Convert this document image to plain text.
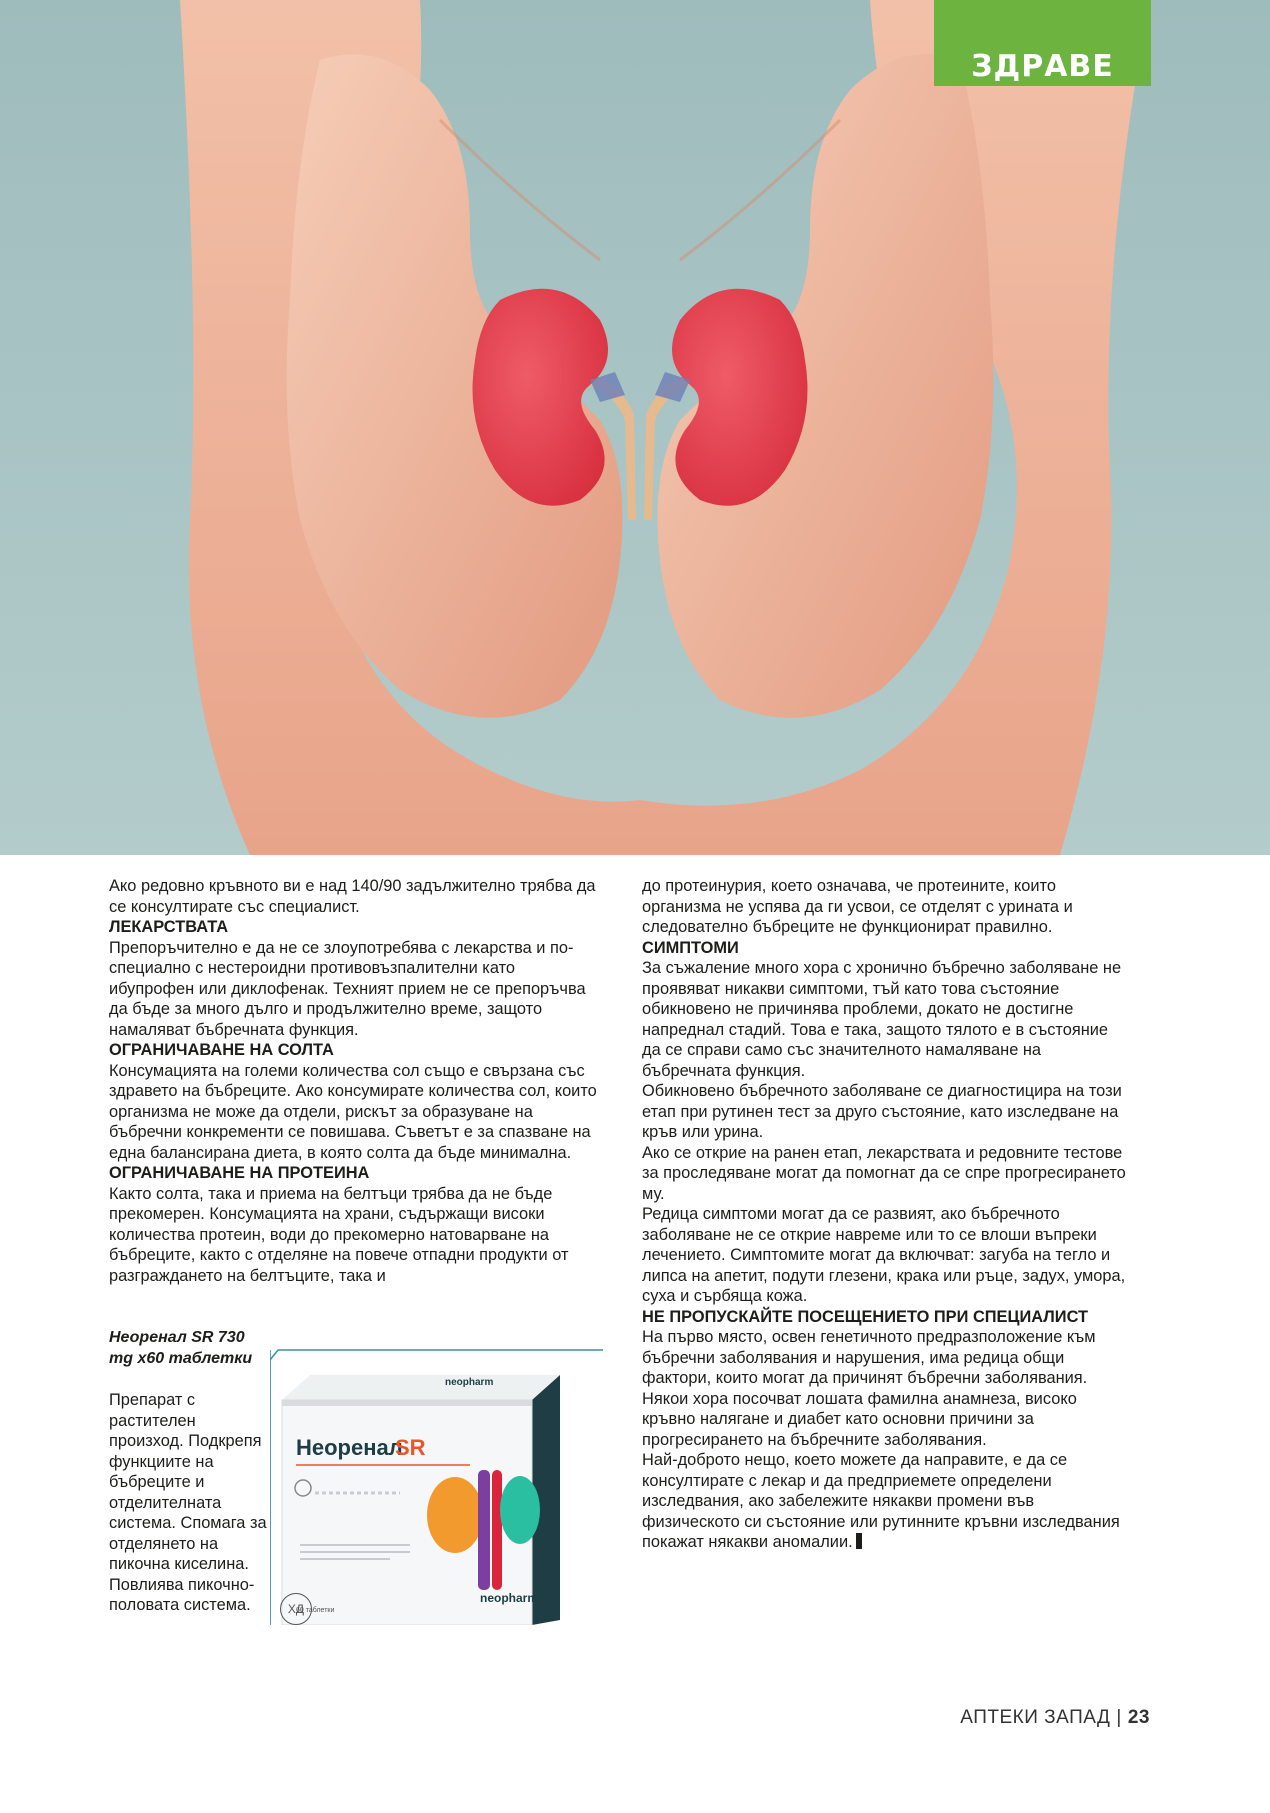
ЗДРАВЕ

Ако редовно кръвното ви е над 140/90 задължително трябва да се консултирате със специалист.

ЛЕКАРСТВАТА

Препоръчително е да не се злоупотребява с лекарства и по-специално с нестероидни противовъзпалителни като ибупрофен или диклофенак. Техният прием не се препоръчва да бъде за много дълго и продължително време, защото намаляват бъбречната функция.

ОГРАНИЧАВАНЕ НА СОЛТА

Консумацията на големи количества сол също е свързана със здравето на бъбреците. Ако консумирате количества сол, които организма не може да отдели, рискът за образуване на бъбречни конкременти се повишава. Съветът е за спазване на една балансирана диета, в която солта да бъде минимална.

ОГРАНИЧАВАНЕ НА ПРОТЕИНА

Както солта, така и приема на белтъци трябва да не бъде прекомерен. Консумацията на храни, съдържащи високи количества протеин, води до прекомерно натоварване на бъбреците, както с отделяне на повече отпадни продукти от разграждането на белтъците, така и

до протеинурия, което означава, че протеините, които организма не успява да ги усвои, се отделят с урината и следователно бъбреците не функционират правилно.

СИМПТОМИ

За съжаление много хора с хронично бъбречно заболяване не проявяват никакви симптоми, тъй като това състояние обикновено не причинява проблеми, докато не достигне напреднал стадий. Това е така, защото тялото е в състояние да се справи само със значителното намаляване на бъбречната функция.

Обикновено бъбречното заболяване се диагностицира на този етап при рутинен тест за друго състояние, като изследване на кръв или урина.

Ако се открие на ранен етап, лекарствата и редовните тестове за проследяване могат да помогнат да се спре прогресирането му.

Редица симптоми могат да се развият, ако бъбречното заболяване не се открие навреме или то се влоши въпреки лечението. Симптомите могат да включват: загуба на тегло и липса на апетит, подути глезени, крака или ръце, задух, умора, суха и сърбяща кожа.

НЕ ПРОПУСКАЙТЕ ПОСЕЩЕНИЕТО ПРИ СПЕЦИАЛИСТ

На първо място, освен генетичното предразположение към бъбречни заболявания и нарушения, има редица общи фактори, които могат да причинят бъбречни заболявания. Някои хора посочват лошата фамилна анамнеза, високо кръвно налягане и диабет като основни причини за прогресирането на бъбречните заболявания.

Най-доброто нещо, което можете да направите, е да се консултирате с лекар и да предприемете определени изследвания, ако забележите някакви промени във физическото си състояние или рутинните кръвни изследвания покажат някакви аномалии.

Неоренал SR 730 mg x60 таблетки
Препарат с растителен произход. Подкрепя функциите на бъбреците и отделителната система. Спомага за отделянето на пикочна киселина. Повлиява пикочно-половата система.
Неоренал
SR
neopharm
neopharm
60 таблетки
ХД
АПТЕКИ ЗАПАД | 23
